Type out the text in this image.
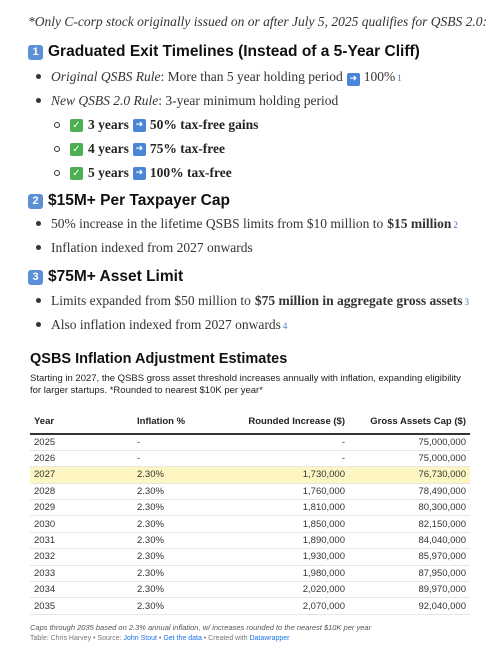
*Only C-corp stock originally issued on or after July 5, 2025 qualifies for QSBS 2.0:
1 Graduated Exit Timelines (Instead of a 5-Year Cliff)
Original QSBS Rule : More than 5 year holding period ➜ 100% 1
New QSBS 2.0 Rule : 3-year minimum holding period
✓ 3 years ➜ 50% tax-free gains
✓ 4 years ➜ 75% tax-free
✓ 5 years ➜ 100% tax-free
2 $15M+ Per Taxpayer Cap
50% increase in the lifetime QSBS limits from $10 million to $15 million 2
Inflation indexed from 2027 onwards
3 $75M+ Asset Limit
Limits expanded from $50 million to $75 million in aggregate gross assets 3
Also inflation indexed from 2027 onwards 4
QSBS Inflation Adjustment Estimates
Starting in 2027, the QSBS gross asset threshold increases annually with inflation, expanding eligibility for larger startups. *Rounded to nearest $10K per year*
Year	Inflation %	Rounded Increase ($)	Gross Assets Cap ($)
2025	-	-	75,000,000
2026	-	-	75,000,000
2027	2.30%	1,730,000	76,730,000
2028	2.30%	1,760,000	78,490,000
2029	2.30%	1,810,000	80,300,000
2030	2.30%	1,850,000	82,150,000
2031	2.30%	1,890,000	84,040,000
2032	2.30%	1,930,000	85,970,000
2033	2.30%	1,980,000	87,950,000
2034	2.30%	2,020,000	89,970,000
2035	2.30%	2,070,000	92,040,000
Caps through 2035 based on 2.3% annual inflation, w/ increases rounded to the nearest $10K per year
Table: Chris Harvey • Source: John Stout • Get the data • Created with Datawrapper
